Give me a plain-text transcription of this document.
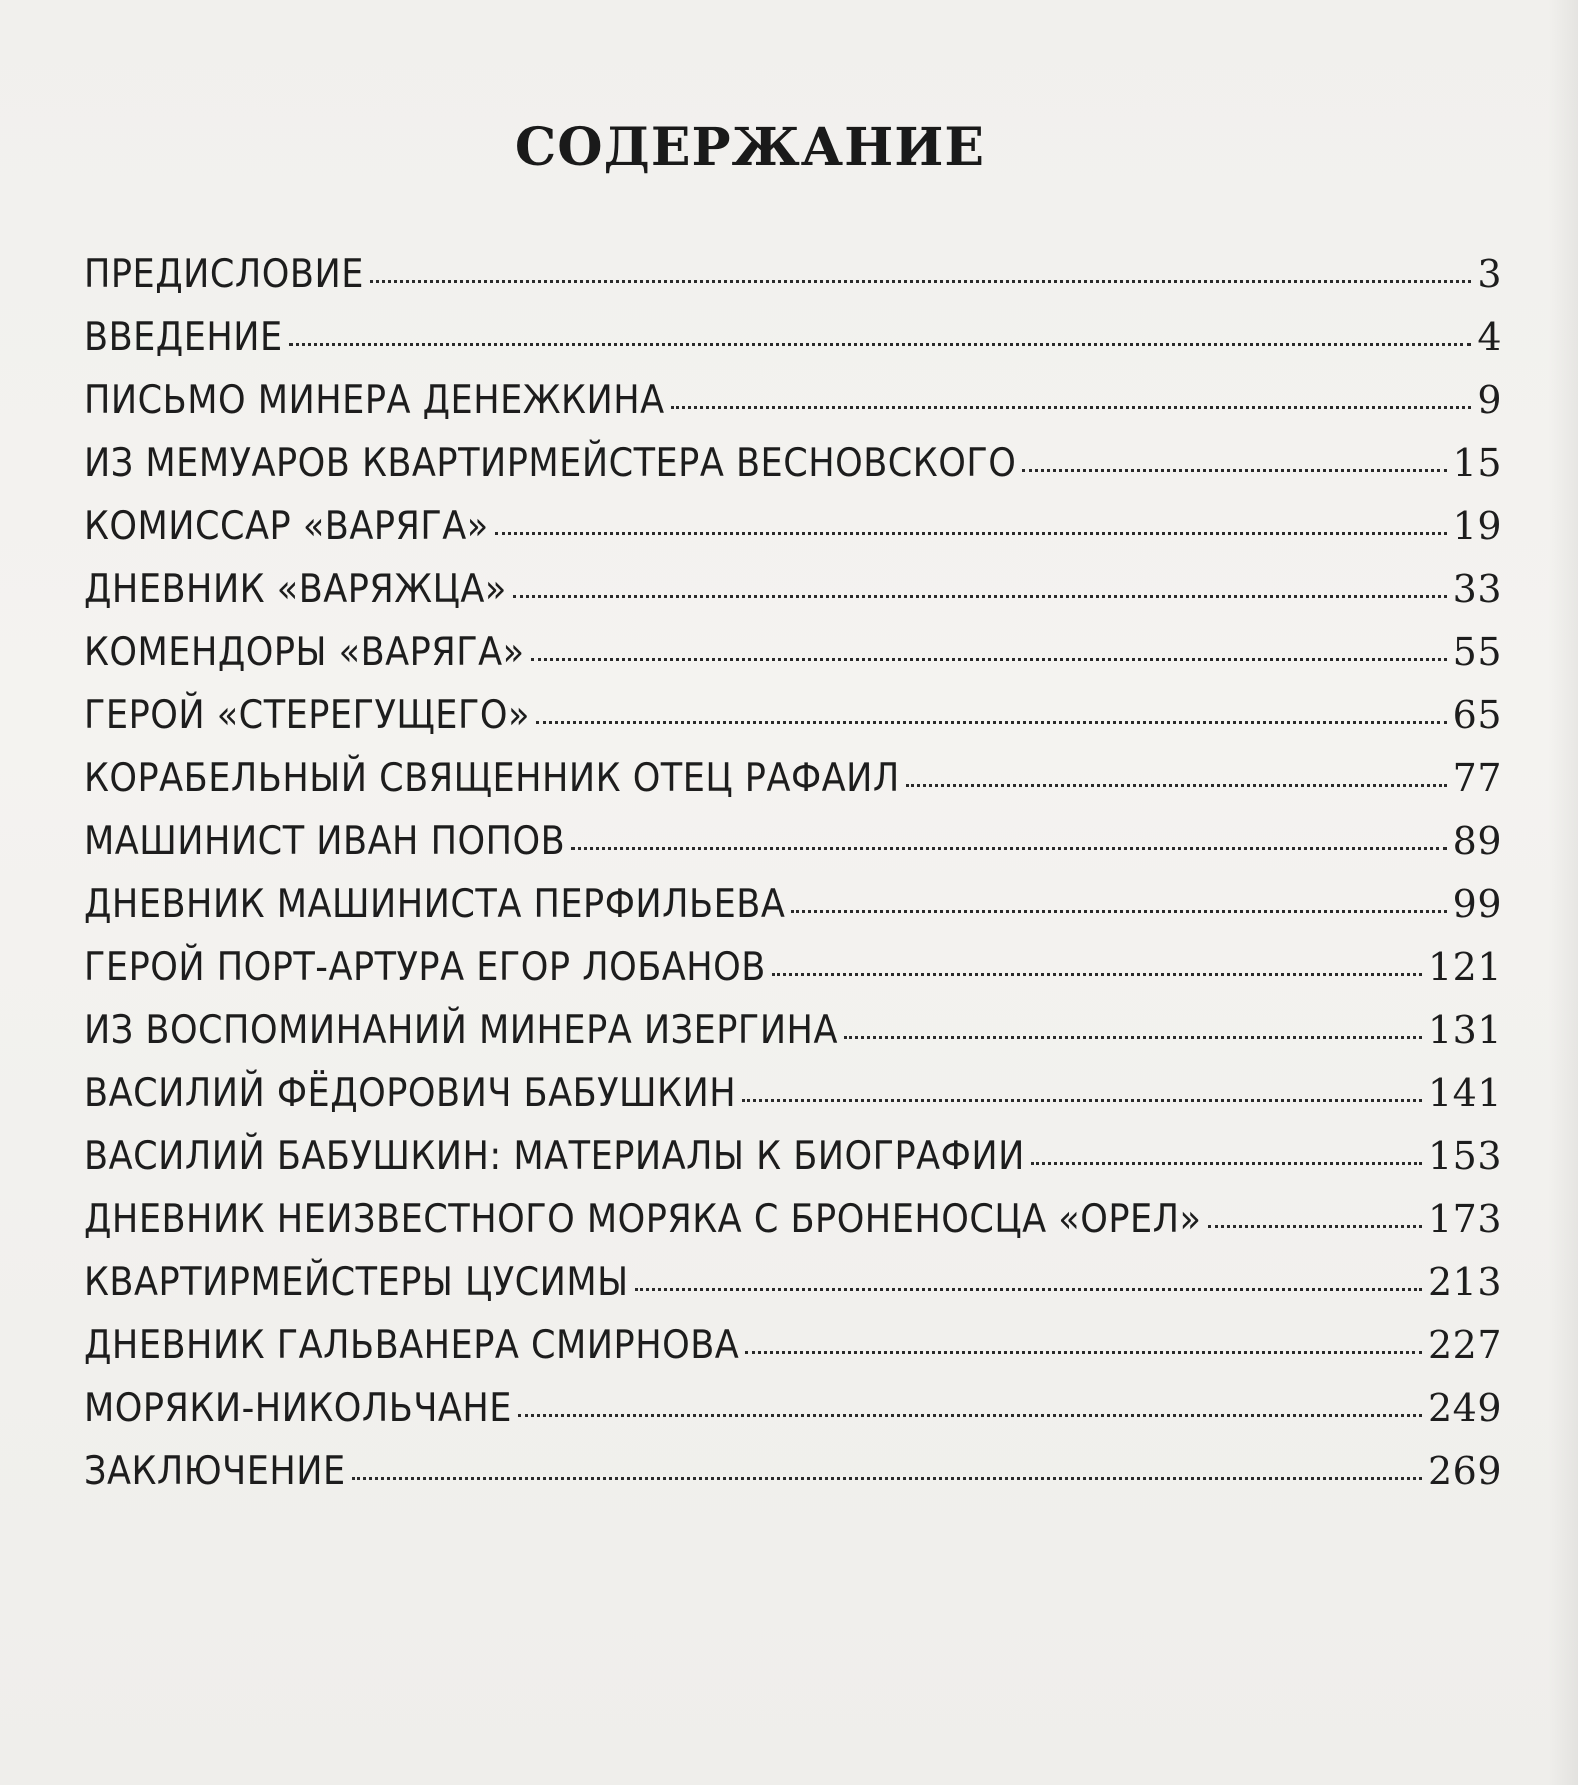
СОДЕРЖАНИЕ
ПРЕДИСЛОВИЕ	3
ВВЕДЕНИЕ	4
ПИСЬМО МИНЕРА ДЕНЕЖКИНА	9
ИЗ МЕМУАРОВ КВАРТИРМЕЙСТЕРА ВЕСНОВСКОГО	15
КОМИССАР «ВАРЯГА»	19
ДНЕВНИК «ВАРЯЖЦА»	33
КОМЕНДОРЫ «ВАРЯГА»	55
ГЕРОЙ «СТЕРЕГУЩЕГО»	65
КОРАБЕЛЬНЫЙ СВЯЩЕННИК ОТЕЦ РАФАИЛ	77
МАШИНИСТ ИВАН ПОПОВ	89
ДНЕВНИК МАШИНИСТА ПЕРФИЛЬЕВА	99
ГЕРОЙ ПОРТ-АРТУРА ЕГОР ЛОБАНОВ	121
ИЗ ВОСПОМИНАНИЙ МИНЕРА ИЗЕРГИНА	131
ВАСИЛИЙ ФЁДОРОВИЧ БАБУШКИН	141
ВАСИЛИЙ БАБУШКИН: МАТЕРИАЛЫ К БИОГРАФИИ	153
ДНЕВНИК НЕИЗВЕСТНОГО МОРЯКА С БРОНЕНОСЦА «ОРЕЛ»	173
КВАРТИРМЕЙСТЕРЫ ЦУСИМЫ	213
ДНЕВНИК ГАЛЬВАНЕРА СМИРНОВА	227
МОРЯКИ-НИКОЛЬЧАНЕ	249
ЗАКЛЮЧЕНИЕ	269
